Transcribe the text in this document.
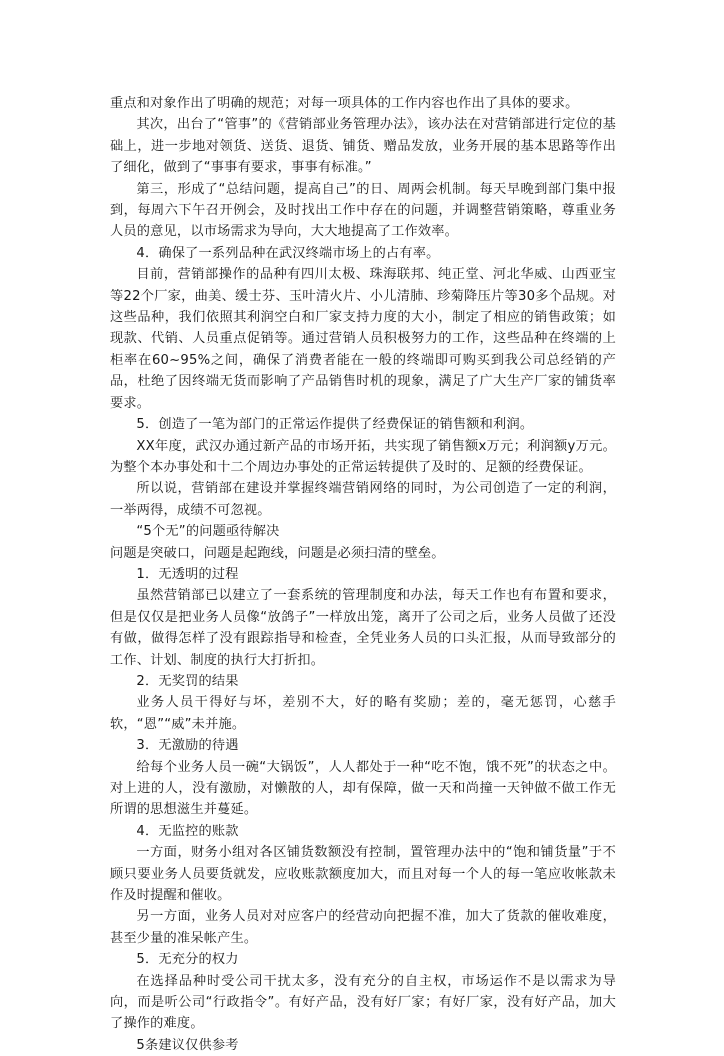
重点和对象作出了明确的规范；对每一项具体的工作内容也作出了具体的要求。

其次，出台了“管事”的《营销部业务管理办法》，该办法在对营销部进行定位的基础上，进一步地对领货、送货、退货、铺货、赠品发放，业务开展的基本思路等作出了细化，做到了“事事有要求，事事有标准。”

第三，形成了“总结问题，提高自己”的日、周两会机制。每天早晚到部门集中报到，每周六下午召开例会，及时找出工作中存在的问题，并调整营销策略，尊重业务人员的意见，以市场需求为导向，大大地提高了工作效率。

4．确保了一系列品种在武汉终端市场上的占有率。

目前，营销部操作的品种有四川太极、珠海联邦、纯正堂、河北华威、山西亚宝等22个厂家，曲美、缓士芬、玉叶清火片、小儿清肺、珍菊降压片等30多个品规。对这些品种，我们依照其利润空白和厂家支持力度的大小，制定了相应的销售政策；如现款、代销、人员重点促销等。通过营销人员积极努力的工作，这些品种在终端的上柜率在60~95%之间，确保了消费者能在一般的终端即可购买到我公司总经销的产品，杜绝了因终端无货而影响了产品销售时机的现象，满足了广大生产厂家的铺货率要求。

5．创造了一笔为部门的正常运作提供了经费保证的销售额和利润。

XX年度，武汉办通过新产品的市场开拓，共实现了销售额x万元；利润额y万元。为整个本办事处和十二个周边办事处的正常运转提供了及时的、足额的经费保证。

所以说，营销部在建设并掌握终端营销网络的同时，为公司创造了一定的利润，一举两得，成绩不可忽视。

“5个无”的问题亟待解决

问题是突破口，问题是起跑线，问题是必须扫清的壁垒。

1．无透明的过程

虽然营销部已以建立了一套系统的管理制度和办法，每天工作也有布置和要求，但是仅仅是把业务人员像“放鸽子”一样放出笼，离开了公司之后，业务人员做了还没有做，做得怎样了没有跟踪指导和检查，全凭业务人员的口头汇报，从而导致部分的工作、计划、制度的执行大打折扣。

2．无奖罚的结果

业务人员干得好与坏，差别不大，好的略有奖励；差的，毫无惩罚，心慈手软，“恩”“威”未并施。

3．无激励的待遇

给每个业务人员一碗“大锅饭”，人人都处于一种“吃不饱，饿不死”的状态之中。对上进的人，没有激励，对懒散的人，却有保障，做一天和尚撞一天钟做不做工作无所谓的思想滋生并蔓延。

4．无监控的账款

一方面，财务小组对各区铺货数额没有控制，置管理办法中的“饱和铺货量”于不顾只要业务人员要货就发，应收账款额度加大，而且对每一个人的每一笔应收帐款未作及时提醒和催收。

另一方面，业务人员对对应客户的经营动向把握不准，加大了货款的催收难度，甚至少量的准呆帐产生。

5．无充分的权力

在选择品种时受公司干扰太多，没有充分的自主权，市场运作不是以需求为导向，而是听公司“行政指令”。有好产品，没有好厂家；有好厂家，没有好产品，加大了操作的难度。

5条建议仅供参考
